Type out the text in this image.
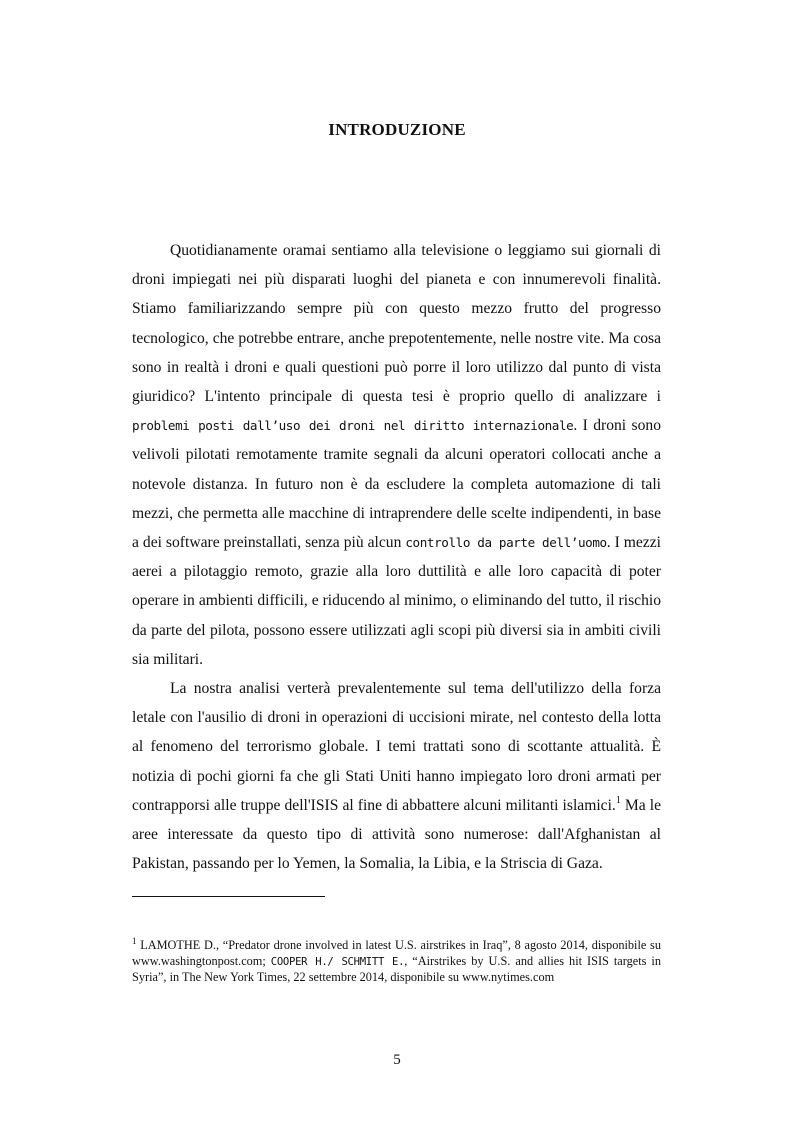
INTRODUZIONE

Quotidianamente oramai sentiamo alla televisione o leggiamo sui giornali di droni impiegati nei più disparati luoghi del pianeta e con innumerevoli finalità. Stiamo familiarizzando sempre più con questo mezzo frutto del progresso tecnologico, che potrebbe entrare, anche prepotentemente, nelle nostre vite. Ma cosa sono in realtà i droni e quali questioni può porre il loro utilizzo dal punto di vista giuridico? L'intento principale di questa tesi è proprio quello di analizzare i problemi posti dall’uso dei droni nel diritto internazionale. I droni sono velivoli pilotati remotamente tramite segnali da alcuni operatori collocati anche a notevole distanza. In futuro non è da escludere la completa automazione di tali mezzi, che permetta alle macchine di intraprendere delle scelte indipendenti, in base a dei software preinstallati, senza più alcun controllo da parte dell’uomo. I mezzi aerei a pilotaggio remoto, grazie alla loro duttilità e alle loro capacità di poter operare in ambienti difficili, e riducendo al minimo, o eliminando del tutto, il rischio da parte del pilota, possono essere utilizzati agli scopi più diversi sia in ambiti civili sia militari.

La nostra analisi verterà prevalentemente sul tema dell'utilizzo della forza letale con l'ausilio di droni in operazioni di uccisioni mirate, nel contesto della lotta al fenomeno del terrorismo globale. I temi trattati sono di scottante attualità. È notizia di pochi giorni fa che gli Stati Uniti hanno impiegato loro droni armati per contrapporsi alle truppe dell'ISIS al fine di abbattere alcuni militanti islamici.$^1$ Ma le aree interessate da questo tipo di attività sono numerose: dall'Afghanistan al Pakistan, passando per lo Yemen, la Somalia, la Libia, e la Striscia di Gaza.

$^1$ LAMOTHE D., “Predator drone involved in latest U.S. airstrikes in Iraq”, 8 agosto 2014, disponibile su www.washingtonpost.com; COOPER H./ SCHMITT E., “Airstrikes by U.S. and allies hit ISIS targets in Syria”, in The New York Times, 22 settembre 2014, disponibile su www.nytimes.com
5
